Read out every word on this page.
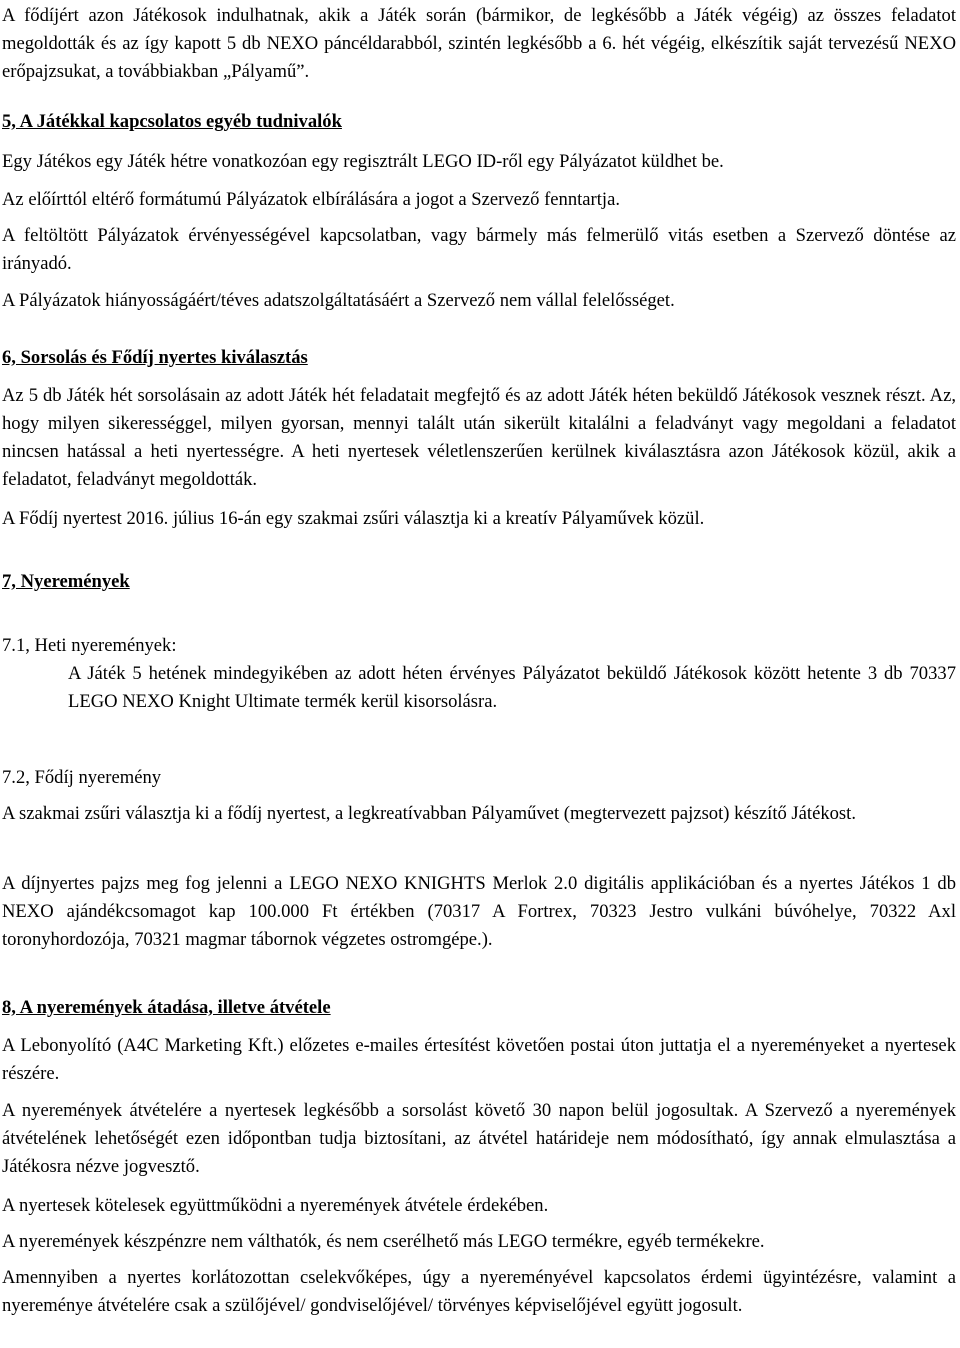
A fődíjért azon Játékosok indulhatnak, akik a Játék során (bármikor, de legkésőbb a Játék végéig) az összes feladatot megoldották és az így kapott 5 db NEXO páncéldarabból, szintén legkésőbb a 6. hét végéig, elkészítik saját tervezésű NEXO erőpajzsukat, a továbbiakban „Pályamű”.

5, A Játékkal kapcsolatos egyéb tudnivalók

Egy Játékos egy Játék hétre vonatkozóan egy regisztrált LEGO ID-ről egy Pályázatot küldhet be.

Az előírttól eltérő formátumú Pályázatok elbírálására a jogot a Szervező fenntartja.

A feltöltött Pályázatok érvényességével kapcsolatban, vagy bármely más felmerülő vitás esetben a Szervező döntése az irányadó.

A Pályázatok hiányosságáért/téves adatszolgáltatásáért a Szervező nem vállal felelősséget.

6, Sorsolás és Fődíj nyertes kiválasztás

Az 5 db Játék hét sorsolásain az adott Játék hét feladatait megfejtő és az adott Játék héten beküldő Játékosok vesznek részt. Az, hogy milyen sikerességgel, milyen gyorsan, mennyi talált után sikerült kitalálni a feladványt vagy megoldani a feladatot nincsen hatással a heti nyertességre. A heti nyertesek véletlenszerűen kerülnek kiválasztásra azon Játékosok közül, akik a feladatot, feladványt megoldották.

A Fődíj nyertest 2016. július 16-án egy szakmai zsűri választja ki a kreatív Pályaművek közül.

7, Nyeremények

7.1, Heti nyeremények:

A Játék 5 hetének mindegyikében az adott héten érvényes Pályázatot beküldő Játékosok között hetente 3 db 70337 LEGO NEXO Knight Ultimate termék kerül kisorsolásra.

7.2, Fődíj nyeremény

A szakmai zsűri választja ki a fődíj nyertest, a legkreatívabban Pályaművet (megtervezett pajzsot) készítő Játékost.

A díjnyertes pajzs meg fog jelenni a LEGO NEXO KNIGHTS Merlok 2.0 digitális applikációban és a nyertes Játékos 1 db NEXO ajándékcsomagot kap 100.000 Ft értékben (70317 A Fortrex, 70323 Jestro vulkáni búvóhelye, 70322 Axl toronyhordozója, 70321 magmar tábornok végzetes ostromgépe.).

8, A nyeremények átadása, illetve átvétele

A Lebonyolító (A4C Marketing Kft.) előzetes e-mailes értesítést követően postai úton juttatja el a nyereményeket a nyertesek részére.

A nyeremények átvételére a nyertesek legkésőbb a sorsolást követő 30 napon belül jogosultak. A Szervező a nyeremények átvételének lehetőségét ezen időpontban tudja biztosítani, az átvétel határideje nem módosítható, így annak elmulasztása a Játékosra nézve jogvesztő.

A nyertesek kötelesek együttműködni a nyeremények átvétele érdekében.

A nyeremények készpénzre nem válthatók, és nem cserélhető más LEGO termékre, egyéb termékekre.

Amennyiben a nyertes korlátozottan cselekvőképes, úgy a nyereményével kapcsolatos érdemi ügyintézésre, valamint a nyereménye átvételére csak a szülőjével/ gondviselőjével/ törvényes képviselőjével együtt jogosult.
